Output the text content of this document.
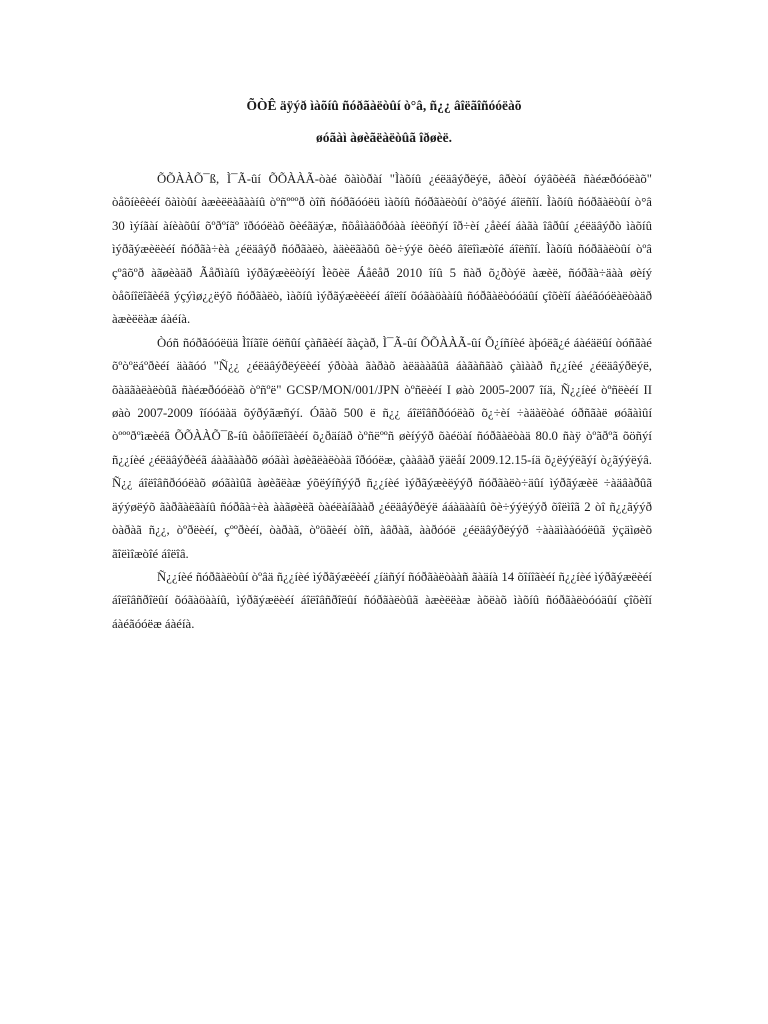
ÕÒÊ äÿýð ìàõíû ñóðãàëòûí ò°â, ñ¿¿ âîëãîñóóëàõ
øóãàì àøèãëàëòûã îðøèë.

ÕÕÀÀÕ¯ß, Ì¯Ã-ûí ÕÕÀÀÃ-òàé õàìòðàí "Ìàõíû ¿éëäâýðëýë, âðèòí óÿâõèéã ñàéæðóóëàõ" òåõíèêèéí õàìòûí àæèëëàãààíû òºñºººð òîñ ñóðãóóëü ìàõíû ñóðãàëòûí òºâõýé áîëñîí. Ìàõíû ñóðãàëòûí ò°â 30 ìýíãàí àíèàõûí õºðºíãº ïðóóëàõ õèéãäýæ, ñõåìàäôðóàà íèëöñýí îð÷èí ¿åèéí áàãà îâðûí ¿éëäâýðò ìàõíû ìýðãýæèëèéí ñóðãà÷èà ¿éëäâýð ñóðãàëò, àäèëãàõû õè÷ýýë õèéõ âîëîìæòîé áîëñîí. Ìàõíû ñóðãàëòûí òºâ çºâõºð àãøèàäð Ãåðìàíû ìýðãýæèëòíýí Ìèõèë Áåêåð 2010 îíû 5 ñàð õ¿ðòýë àæèë, ñóðãà÷äàà øèíý òåõíîëîãèéã ýçýìø¿¿ëýõ ñóðãàëò, ìàõíû ìýðãýæèëèéí áîëîí õóãàöààíû ñóðãàëòóóäûí çîõèîí áàéãóóëàëòàäð àæèëëàæ áàéíà.

Òóñ ñóðãóóëüä Ìîíãîë óëñûí çàñãèéí ãàçàð, Ì¯Ã-ûí ÕÕÀÀÃ-ûí Õ¿íñíèé àþóëã¿é áàéäëûí òóñãàé õºòºëáºðèéí äàãóó "Ñ¿¿ ¿éëäâýðëýëèéí ýðòàà ãàðàõ àëäààãûã áàãàñãàõ çàìààð ñ¿¿íèé ¿éëäâýðëýë, õàäãàëàëòûã ñàéæðóóëàõ òºñºë" GCSP/MON/001/JPN òºñëèéí I øàò 2005-2007 îíä, Ñ¿¿íèé òºñëèéí II øàò 2007-2009 îíóóäàä õýðýãæñýí. Óãàõ 500 ë ñ¿¿ áîëîâñðóóëàõ õ¿÷èí ÷àäàëòàé óðñãàë øóãàìûí òºººðºìæèéã ÕÕÀÀÕ¯ß-íû òåõíîëîãèéí õ¿ðäíäð òºñëººñ øèíýýð õàéöàí ñóðãàëòàä 80.0 ñàÿ òºãðºã õöñýí ñ¿¿íèé ¿éëäâýðèéã áààãààðõ øóãàì àøèãëàëòàä îðóóëæ, çààâàð ÿäëåí 2009.12.15-íä õ¿ëýýëãýí ò¿ãýýëýâ. Ñ¿¿ áîëîâñðóóëàõ øóãàìûã àøèãëàæ ýõëýíñýýð ñ¿¿íèé ìýðãýæèëýýð ñóðãàëò÷äûí ìýðãýæèë ÷àäâàðûã äýýøëýõ ãàðãàëãàíû ñóðãà÷èà ààãøèëã òàéëàíãààð ¿éëäâýðëýë ááàäààíû õè÷ýýëýýð õîëìîã 2 òî ñ¿¿ãýýð òàðàã ñ¿¿, òºðëèéí, çººðèéí, òàðàã, òºöãèéí òîñ, àâðàã, ààðóóë ¿éëäâýðëýýð ÷ààäìààóóëûã ÿçäìøèõ ãîëìîæòîé áîëîâ.

Ñ¿¿íèé ñóðãàëòûí òºâä ñ¿¿íèé ìýðãýæëèéí ¿íäñýí ñóðãàëòààñ ãàäíà 14 õîíîãèéí ñ¿¿íèé ìýðãýæëèéí áîëîâñðîëûí õóãàöààíû, ìýðãýæëèéí áîëîâñðîëûí ñóðãàëòûã àæèëëàæ àõëàõ ìàõíû ñóðãàëòóóäûí çîõèîí áàéãóóëæ áàéíà.
